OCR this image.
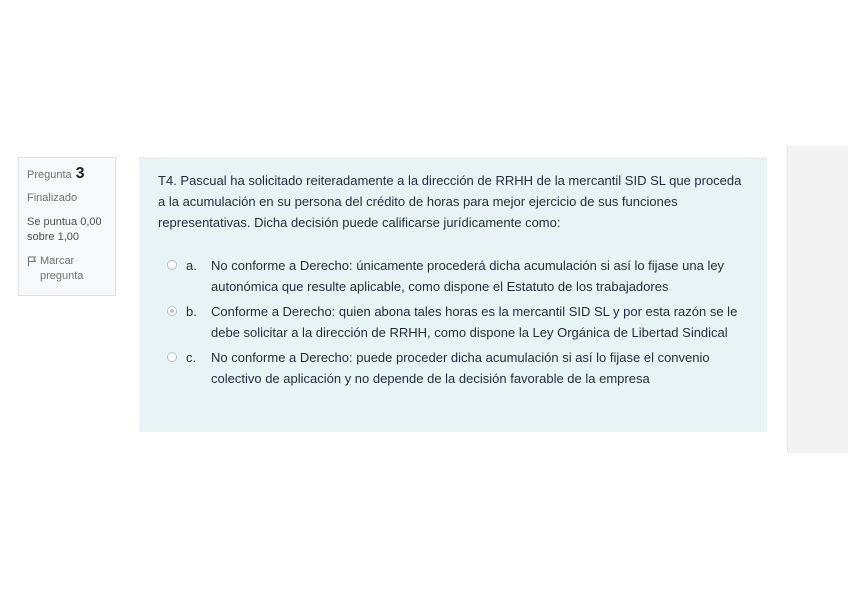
Pregunta 3
Finalizado
Se puntua 0,00 sobre 1,00
Marcar pregunta

T4. Pascual ha solicitado reiteradamente a la dirección de RRHH de la mercantil SID SL que proceda a la acumulación en su persona del crédito de horas para mejor ejercicio de sus funciones representativas. Dicha decisión puede calificarse jurídicamente como:

a.	No conforme a Derecho: únicamente procederá dicha acumulación si así lo fijase una ley autonómica que resulte aplicable, como dispone el Estatuto de los trabajadores
b.	Conforme a Derecho: quien abona tales horas es la mercantil SID SL y por esta razón se le debe solicitar a la dirección de RRHH, como dispone la Ley Orgánica de Libertad Sindical
c.	No conforme a Derecho: puede proceder dicha acumulación si así lo fijase el convenio colectivo de aplicación y no depende de la decisión favorable de la empresa
